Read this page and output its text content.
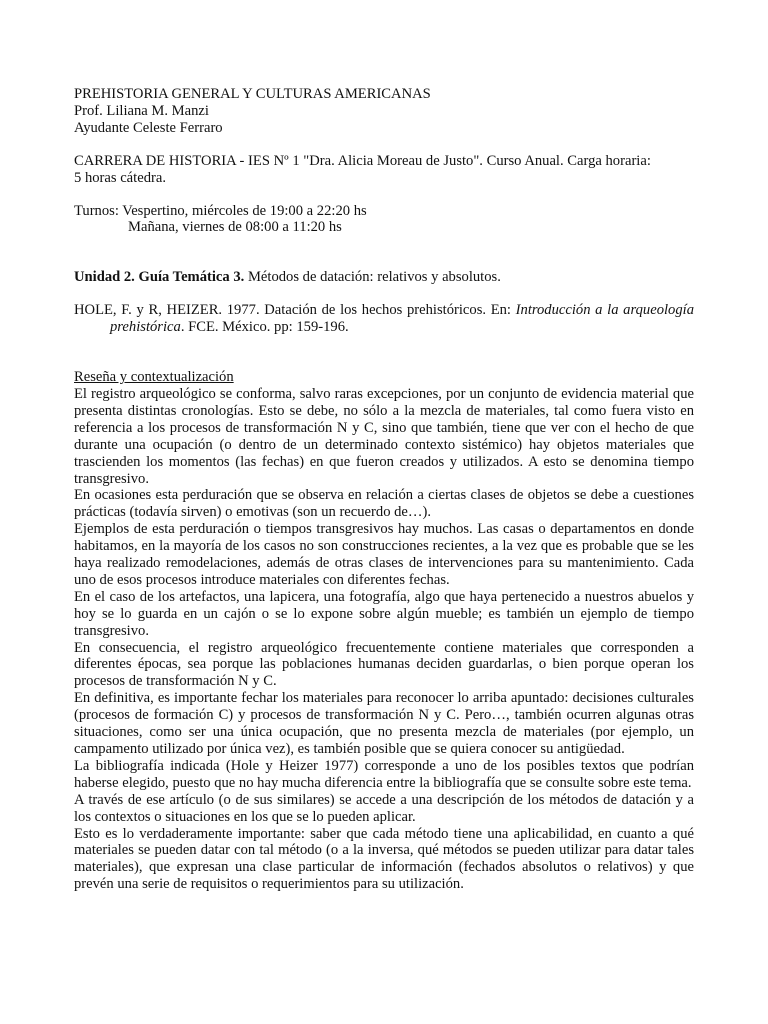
PREHISTORIA GENERAL Y CULTURAS AMERICANAS
Prof. Liliana M. Manzi
Ayudante Celeste Ferraro
CARRERA DE HISTORIA - IES Nº 1 "Dra. Alicia Moreau de Justo". Curso Anual. Carga horaria:
5 horas cátedra.
Turnos: Vespertino, miércoles de 19:00 a 22:20 hs
Mañana, viernes de 08:00 a 11:20 hs
Unidad 2. Guía Temática 3. Métodos de datación: relativos y absolutos.

HOLE, F. y R, HEIZER. 1977. Datación de los hechos prehistóricos. En: Introducción a la arqueología prehistórica. FCE. México. pp: 159-196.

Reseña y contextualización

El registro arqueológico se conforma, salvo raras excepciones, por un conjunto de evidencia material que presenta distintas cronologías. Esto se debe, no sólo a la mezcla de materiales, tal como fuera visto en referencia a los procesos de transformación N y C, sino que también, tiene que ver con el hecho de que durante una ocupación (o dentro de un determinado contexto sistémico) hay objetos materiales que trascienden los momentos (las fechas) en que fueron creados y utilizados. A esto se denomina tiempo transgresivo.

En ocasiones esta perduración que se observa en relación a ciertas clases de objetos se debe a cuestiones prácticas (todavía sirven) o emotivas (son un recuerdo de…).

Ejemplos de esta perduración o tiempos transgresivos hay muchos. Las casas o departamentos en donde habitamos, en la mayoría de los casos no son construcciones recientes, a la vez que es probable que se les haya realizado remodelaciones, además de otras clases de intervenciones para su mantenimiento. Cada uno de esos procesos introduce materiales con diferentes fechas.

En el caso de los artefactos, una lapicera, una fotografía, algo que haya pertenecido a nuestros abuelos y hoy se lo guarda en un cajón o se lo expone sobre algún mueble; es también un ejemplo de tiempo transgresivo.

En consecuencia, el registro arqueológico frecuentemente contiene materiales que corresponden a diferentes épocas, sea porque las poblaciones humanas deciden guardarlas, o bien porque operan los procesos de transformación N y C.

En definitiva, es importante fechar los materiales para reconocer lo arriba apuntado: decisiones culturales (procesos de formación C) y procesos de transformación N y C. Pero…, también ocurren algunas otras situaciones, como ser una única ocupación, que no presenta mezcla de materiales (por ejemplo, un campamento utilizado por única vez), es también posible que se quiera conocer su antigüedad.

La bibliografía indicada (Hole y Heizer 1977) corresponde a uno de los posibles textos que podrían haberse elegido, puesto que no hay mucha diferencia entre la bibliografía que se consulte sobre este tema.

A través de ese artículo (o de sus similares) se accede a una descripción de los métodos de datación y a los contextos o situaciones en los que se lo pueden aplicar.

Esto es lo verdaderamente importante: saber que cada método tiene una aplicabilidad, en cuanto a qué materiales se pueden datar con tal método (o a la inversa, qué métodos se pueden utilizar para datar tales materiales), que expresan una clase particular de información (fechados absolutos o relativos) y que prevén una serie de requisitos o requerimientos para su utilización.
